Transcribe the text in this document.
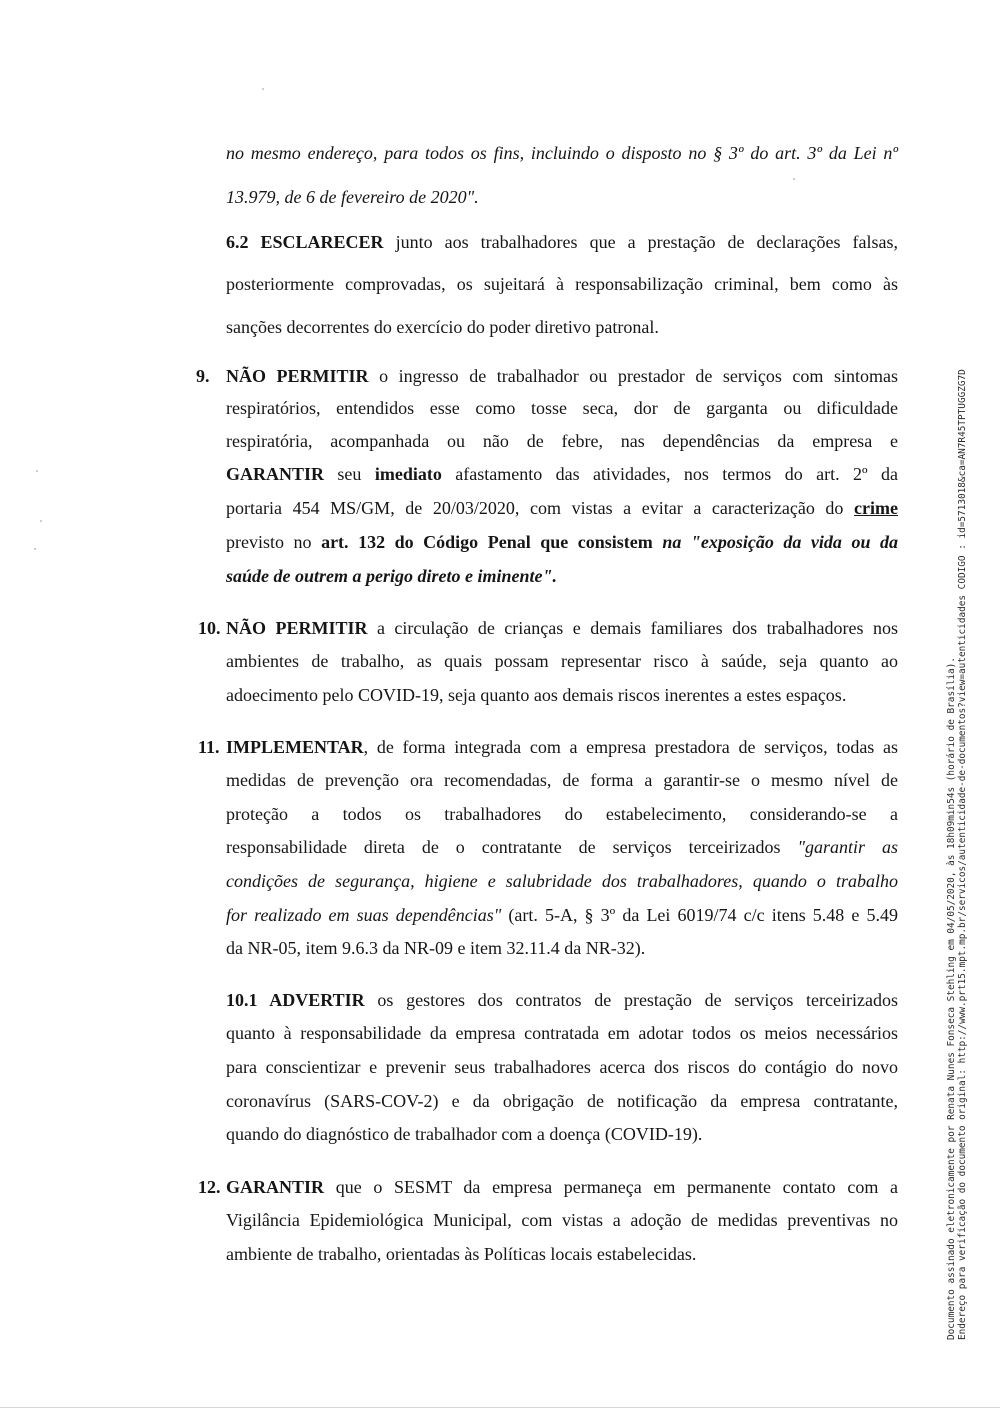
no mesmo endereço, para todos os fins, incluindo o disposto no § 3º do art. 3º da Lei nº
13.979, de 6 de fevereiro de 2020".
6.2 ESCLARECER junto aos trabalhadores que a prestação de declarações falsas,
posteriormente comprovadas, os sujeitará à responsabilização criminal, bem como às
sanções decorrentes do exercício do poder diretivo patronal.
9. NÃO PERMITIR o ingresso de trabalhador ou prestador de serviços com sintomas
respiratórios, entendidos esse como tosse seca, dor de garganta ou dificuldade
respiratória, acompanhada ou não de febre, nas dependências da empresa e
GARANTIR seu imediato afastamento das atividades, nos termos do art. 2º da
portaria 454 MS/GM, de 20/03/2020, com vistas a evitar a caracterização do crime
previsto no art. 132 do Código Penal que consistem na "exposição da vida ou da
saúde de outrem a perigo direto e iminente".
10. NÃO PERMITIR a circulação de crianças e demais familiares dos trabalhadores nos
ambientes de trabalho, as quais possam representar risco à saúde, seja quanto ao
adoecimento pelo COVID-19, seja quanto aos demais riscos inerentes a estes espaços.
11. IMPLEMENTAR, de forma integrada com a empresa prestadora de serviços, todas as
medidas de prevenção ora recomendadas, de forma a garantir-se o mesmo nível de
proteção a todos os trabalhadores do estabelecimento, considerando-se a
responsabilidade direta de o contratante de serviços terceirizados "garantir as
condições de segurança, higiene e salubridade dos trabalhadores, quando o trabalho
for realizado em suas dependências" (art. 5-A, § 3º da Lei 6019/74 c/c itens 5.48 e 5.49
da NR-05, item 9.6.3 da NR-09 e item 32.11.4 da NR-32).
10.1 ADVERTIR os gestores dos contratos de prestação de serviços terceirizados
quanto à responsabilidade da empresa contratada em adotar todos os meios necessários
para conscientizar e prevenir seus trabalhadores acerca dos riscos do contágio do novo
coronavírus (SARS-COV-2) e da obrigação de notificação da empresa contratante,
quando do diagnóstico de trabalhador com a doença (COVID-19).
12. GARANTIR que o SESMT da empresa permaneça em permanente contato com a
Vigilância Epidemiológica Municipal, com vistas a adoção de medidas preventivas no
ambiente de trabalho, orientadas às Políticas locais estabelecidas.	Documento assinado eletronicamente por Renata Nunes Fonseca Stehling em 04/05/2020, às 18h09min54s (horário de Brasília). Endereço para verificação do documento original: http://www.prt15.mpt.mp.br/servicos/autenticidade-de-documentos?view=autenticidades CODIGO : id=5713018&ca=AN7R45TPTUGGZG7D
